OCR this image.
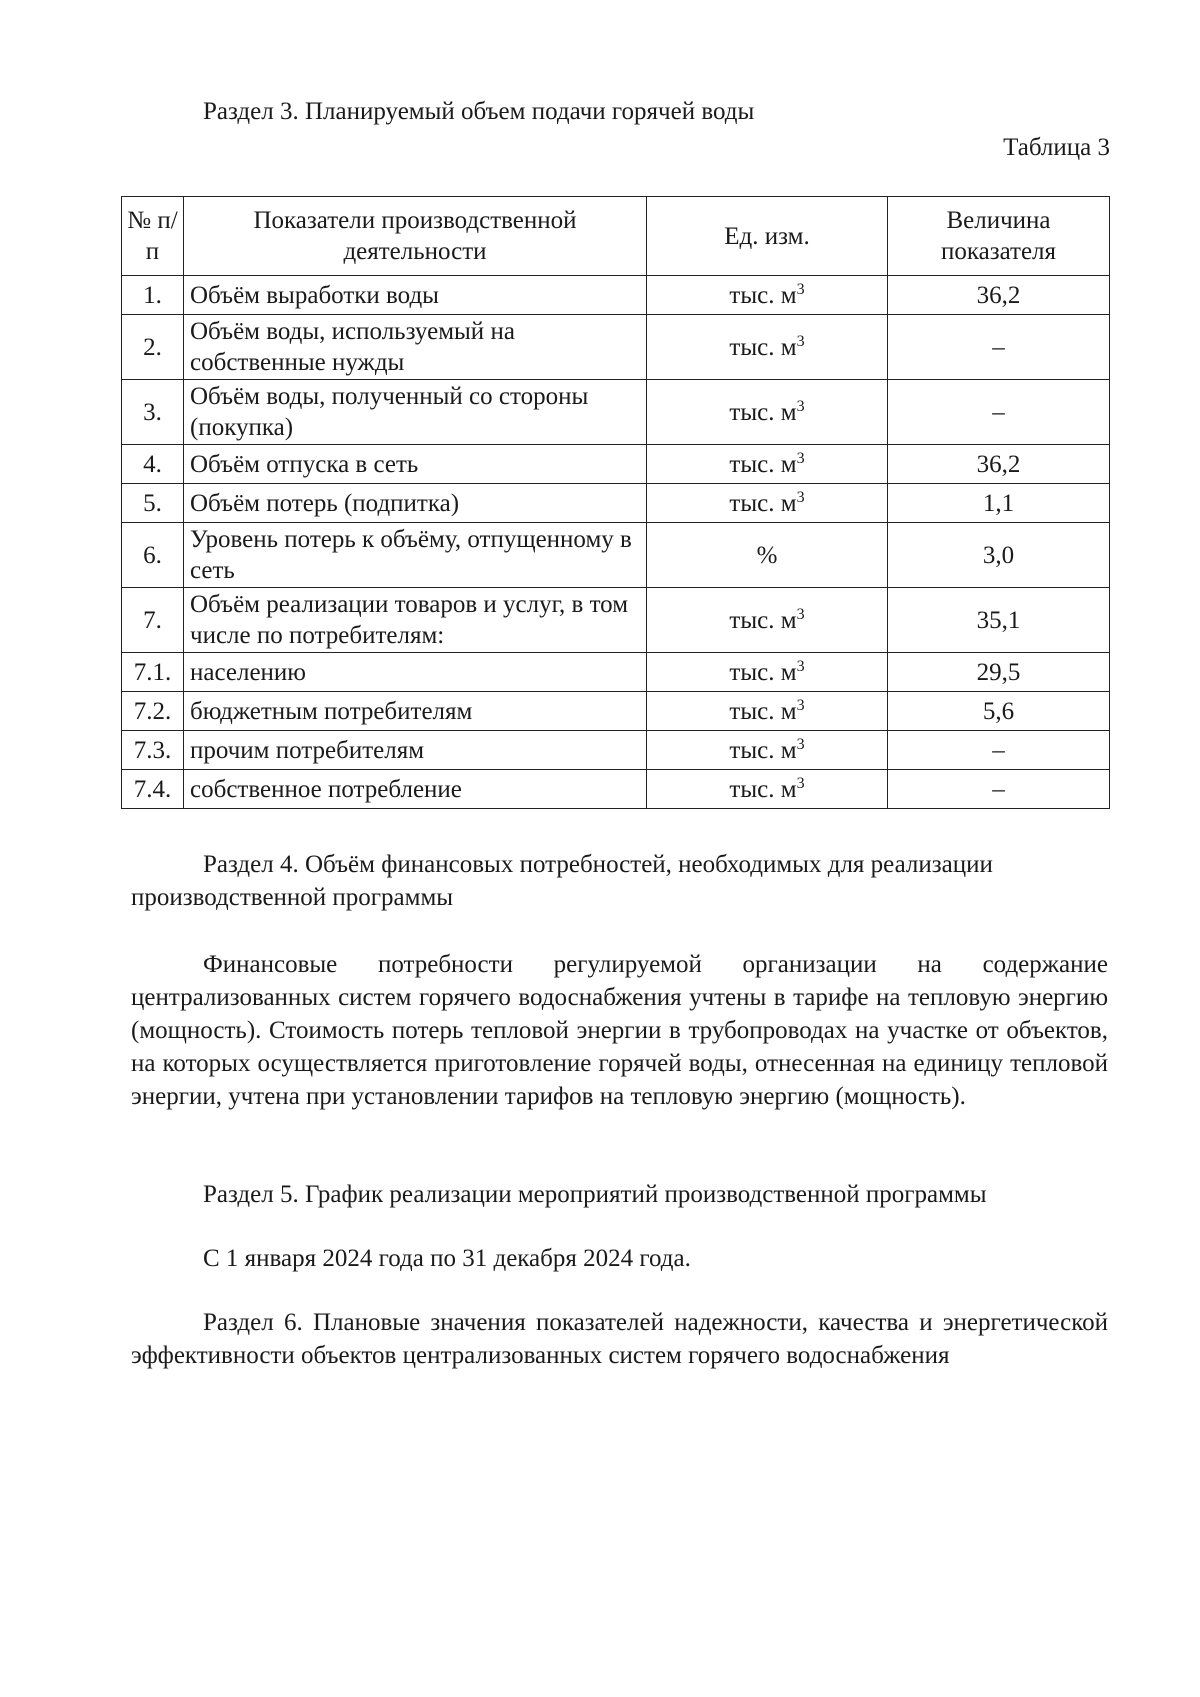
Раздел 3. Планируемый объем подачи горячей воды
Таблица 3
№ п/п	Показатели производственной деятельности	Ед. изм.	Величина показателя
1.	Объём выработки воды	тыс. $м^3$	36,2
2.	Объём воды, используемый на собственные нужды	тыс. $м^3$	–
3.	Объём воды, полученный со стороны (покупка)	тыс. $м^3$	–
4.	Объём отпуска в сеть	тыс. $м^3$	36,2
5.	Объём потерь (подпитка)	тыс. $м^3$	1,1
6.	Уровень потерь к объёму, отпущенному в сеть	%	3,0
7.	Объём реализации товаров и услуг, в том числе по потребителям:	тыс. $м^3$	35,1
7.1.	населению	тыс. $м^3$	29,5
7.2.	бюджетным потребителям	тыс. $м^3$	5,6
7.3.	прочим потребителям	тыс. $м^3$	–
7.4.	собственное потребление	тыс. $м^3$	–
Раздел 4. Объём финансовых потребностей, необходимых для реализации производственной программы
Финансовые потребности регулируемой организации на содержание централизованных систем горячего водоснабжения учтены в тарифе на тепловую энергию (мощность). Стоимость потерь тепловой энергии в трубопроводах на участке от объектов, на которых осуществляется приготовление горячей воды, отнесенная на единицу тепловой энергии, учтена при установлении тарифов на тепловую энергию (мощность).
Раздел 5. График реализации мероприятий производственной программы
С 1 января 2024 года по 31 декабря 2024 года.
Раздел 6. Плановые значения показателей надежности, качества и энергетической эффективности объектов централизованных систем горячего водоснабжения
